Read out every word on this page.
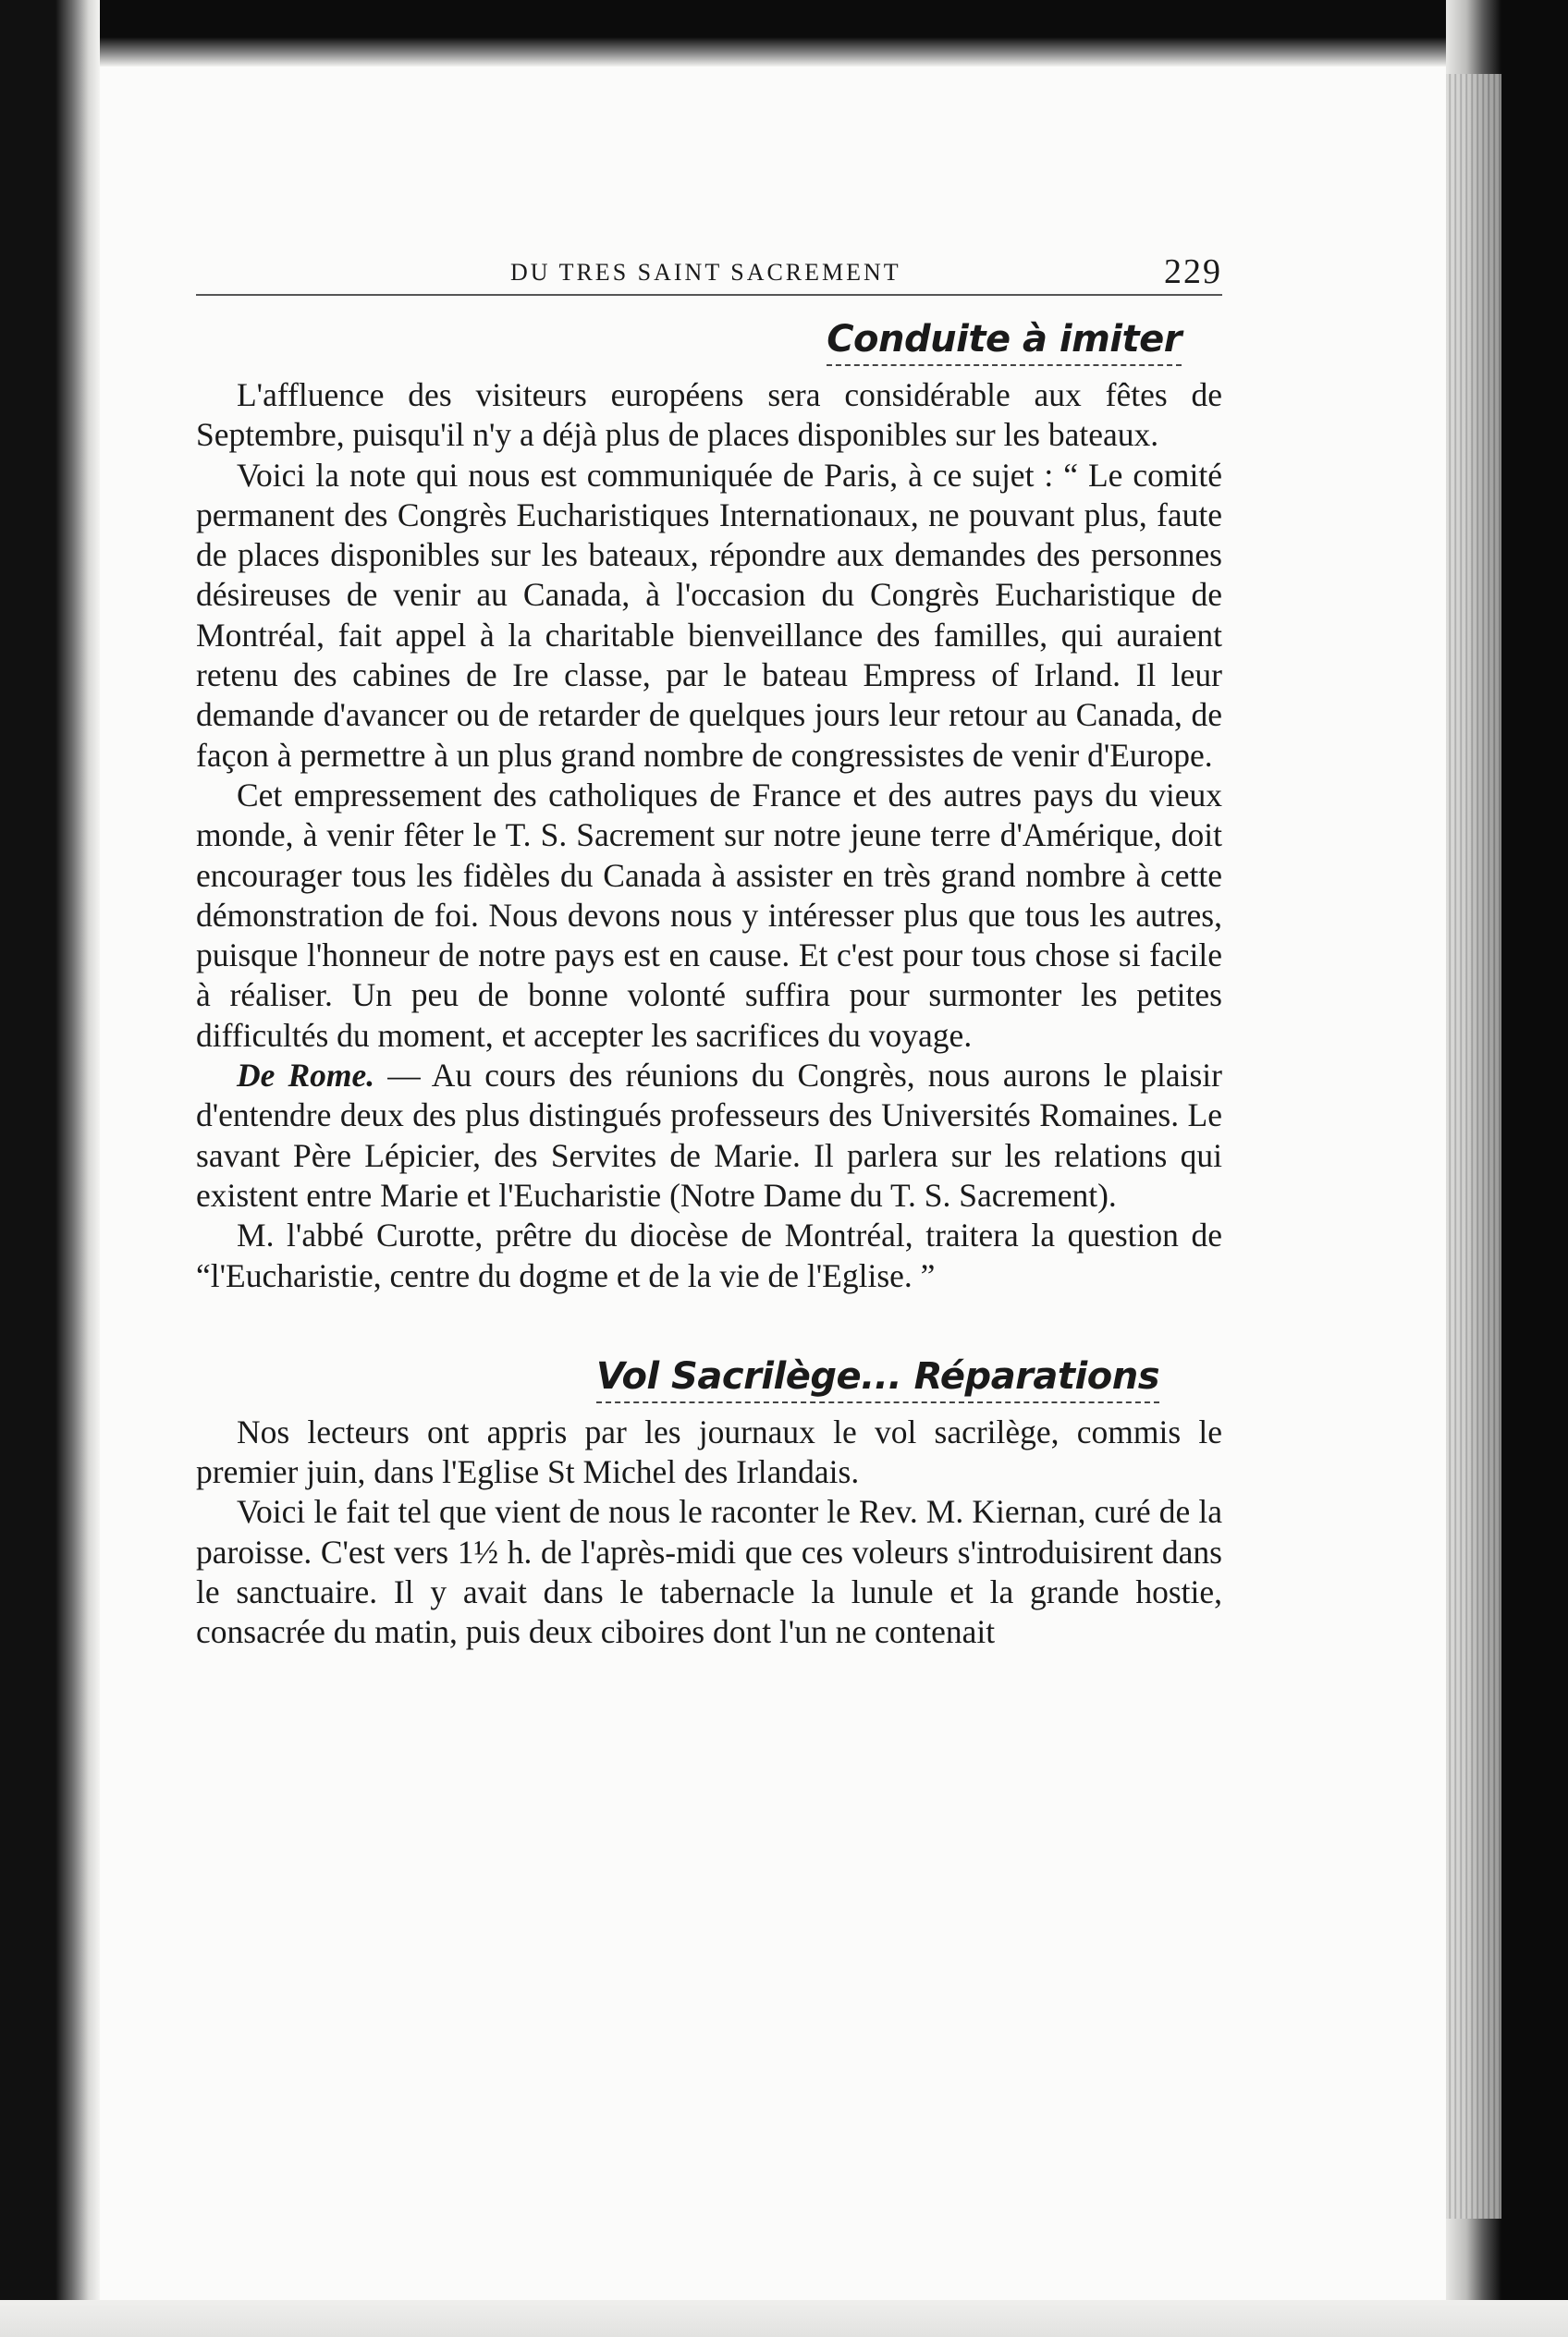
DU TRES SAINT SACREMENT	229
Conduite à imiter

L'affluence des visiteurs européens sera considérable aux fêtes de Septembre, puisqu'il n'y a déjà plus de places disponibles sur les bateaux.

Voici la note qui nous est communiquée de Paris, à ce sujet : “ Le comité permanent des Congrès Eucharistiques Internationaux, ne pouvant plus, faute de places disponibles sur les bateaux, répondre aux demandes des personnes désireuses de venir au Canada, à l'occasion du Congrès Eucharistique de Montréal, fait appel à la charitable bienveillance des familles, qui auraient retenu des cabines de Ire classe, par le bateau Empress of Irland. Il leur demande d'avancer ou de retarder de quelques jours leur retour au Canada, de façon à permettre à un plus grand nombre de congressistes de venir d'Europe.

Cet empressement des catholiques de France et des autres pays du vieux monde, à venir fêter le T. S. Sacrement sur notre jeune terre d'Amérique, doit encourager tous les fidèles du Canada à assister en très grand nombre à cette démonstration de foi. Nous devons nous y intéresser plus que tous les autres, puisque l'honneur de notre pays est en cause. Et c'est pour tous chose si facile à réaliser. Un peu de bonne volonté suffira pour surmonter les petites difficultés du moment, et accepter les sacrifices du voyage.

De Rome. — Au cours des réunions du Congrès, nous aurons le plaisir d'entendre deux des plus distingués professeurs des Universités Romaines. Le savant Père Lépicier, des Servites de Marie. Il parlera sur les relations qui existent entre Marie et l'Eucharistie (Notre Dame du T. S. Sacrement).

M. l'abbé Curotte, prêtre du diocèse de Montréal, traitera la question de “l'Eucharistie, centre du dogme et de la vie de l'Eglise. ”

Vol Sacrilège... Réparations

Nos lecteurs ont appris par les journaux le vol sacrilège, commis le premier juin, dans l'Eglise St Michel des Irlandais.

Voici le fait tel que vient de nous le raconter le Rev. M. Kiernan, curé de la paroisse. C'est vers 1½ h. de l'après-midi que ces voleurs s'introduisirent dans le sanctuaire. Il y avait dans le tabernacle la lunule et la grande hostie, consacrée du matin, puis deux ciboires dont l'un ne contenait
